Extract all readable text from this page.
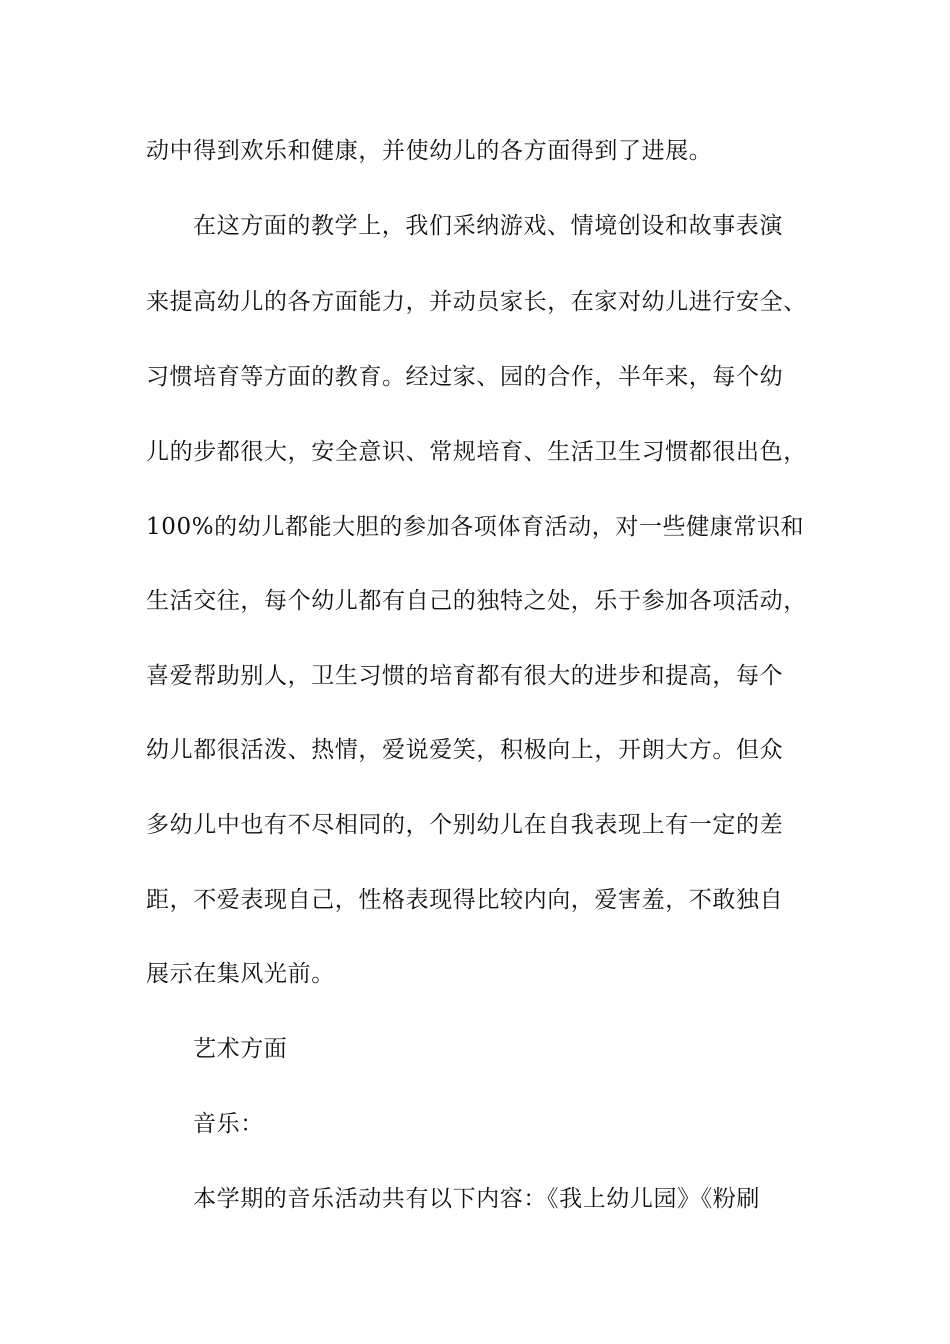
动中得到欢乐和健康，并使幼儿的各方面得到了进展。
在这方面的教学上，我们采纳游戏、情境创设和故事表演
来提高幼儿的各方面能力，并动员家长，在家对幼儿进行安全、
习惯培育等方面的教育。经过家、园的合作，半年来，每个幼
儿的步都很大，安全意识、常规培育、生活卫生习惯都很出色，
100%的幼儿都能大胆的参加各项体育活动，对一些健康常识和
生活交往，每个幼儿都有自己的独特之处，乐于参加各项活动，
喜爱帮助别人，卫生习惯的培育都有很大的进步和提高，每个
幼儿都很活泼、热情，爱说爱笑，积极向上，开朗大方。但众
多幼儿中也有不尽相同的，个别幼儿在自我表现上有一定的差
距，不爱表现自己，性格表现得比较内向，爱害羞，不敢独自
展示在集风光前。
艺术方面
音乐：
本学期的音乐活动共有以下内容：《我上幼儿园》《粉刷
